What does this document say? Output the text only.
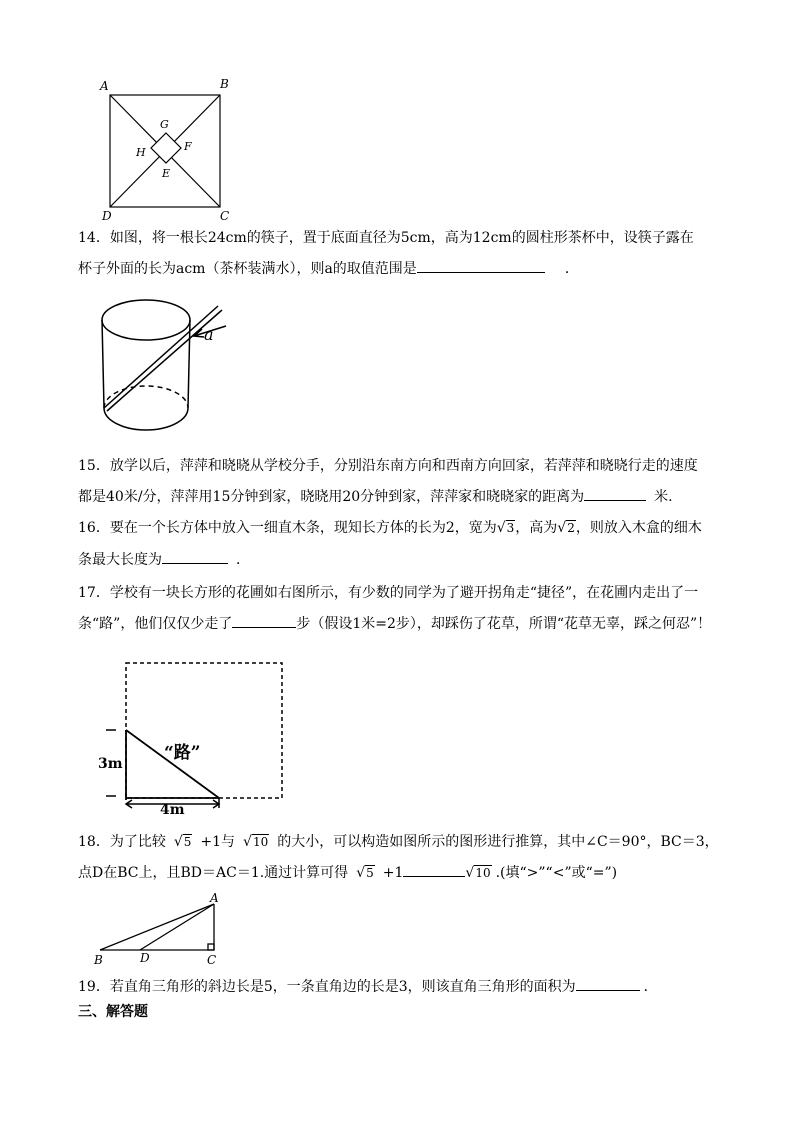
A	B
D	C
G
H	F
E
14．如图，将一根长24cm的筷子，置于底面直径为5cm，高为12cm的圆柱形茶杯中，设筷子露在
杯子外面的长为acm（茶杯装满水），则a的取值范围是	．
a
15．放学以后，萍萍和晓晓从学校分手，分别沿东南方向和西南方向回家，若萍萍和晓晓行走的速度
都是40米/分，萍萍用15分钟到家，晓晓用20分钟到家，萍萍家和晓晓家的距离为	米.
16．要在一个长方体中放入一细直木条，现知长方体的长为2，宽为√3，高为√2，则放入木盒的细木
条最大长度为	．
17．学校有一块长方形的花圃如右图所示，有少数的同学为了避开拐角走“捷径”，在花圃内走出了一
条“路”，他们仅仅少走了	步（假设1米=2步），却踩伤了花草，所谓“花草无辜，踩之何忍”！
“路”
3m
4m
18．为了比较 √5 +1与 √10 的大小，可以构造如图所示的图形进行推算，其中∠C＝90°，BC＝3，
点D在BC上，且BD＝AC＝1.通过计算可得 √5 +1	√10 .(填“>”“<”或“=”)
A
B	D	C
19．若直角三角形的斜边长是5，一条直角边的长是3，则该直角三角形的面积为	．
三、解答题
